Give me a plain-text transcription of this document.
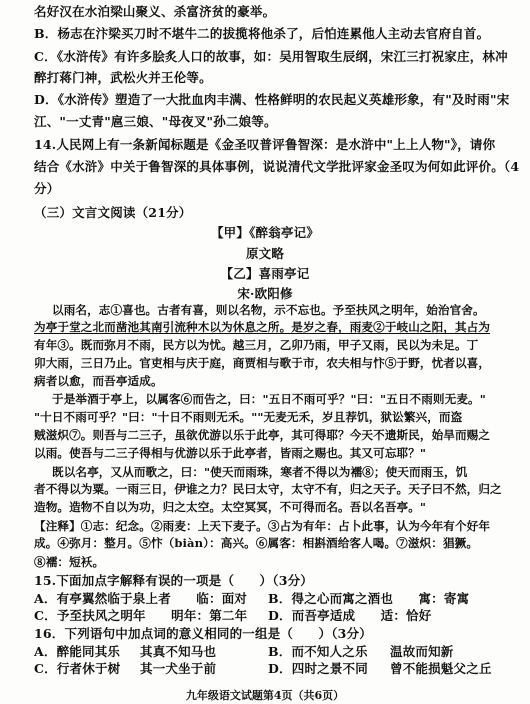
名好汉在水泊梁山聚义、杀富济贫的豪举。
B．杨志在汴梁买刀时不堪牛二的拔揽将他杀了，后怕连累他人主动去官府自首。
C．《水浒传》有许多脍炙人口的故事，如：吴用智取生辰纲，宋江三打祝家庄，林冲
醉打蒋门神，武松火并王伦等。
D．《水浒传》塑造了一大批血肉丰满、性格鲜明的农民起义英雄形象，有"及时雨"宋
江、"一丈青"扈三娘、"母夜叉"孙二娘等。
14.人民网上有一条新闻标题是《金圣叹普评鲁智深：是水浒中"上上人物"》，请你
结合《水浒》中关于鲁智深的具体事例，说说清代文学批评家金圣叹为何如此评价。（4
分）
（三）文言文阅读（21分）
【甲】《醉翁亭记》
原文略
【乙】喜雨亭记
宋·欧阳修
以雨名，志①喜也。古者有喜，则以名物，示不忘也。予至扶风之明年，始治官舍。
为亭于堂之北而凿池其南引流种木以为休息之所。是岁之春，雨麦②于岐山之阳，其占为
有年③。既而弥月不雨，民方以为忧。越三月，乙卯乃雨，甲子又雨，民以为未足。丁
卯大雨，三日乃止。官吏相与庆于庭，商贾相与歌于市，农夫相与忭⑤于野，忧者以喜，
病者以愈，而吾亭适成。
于是举酒于亭上，以属客⑥而告之，曰："五日不雨可乎？"曰："五日不雨则无麦。"
"十日不雨可乎？"曰："十日不雨则无禾。""无麦无禾，岁且荐饥，狱讼繁兴，而盗
贼滋炽⑦。则吾与二三子，虽欲优游以乐于此亭，其可得耶？今天不遗斯民，始旱而赐之
以雨。使吾与二三子得相与优游以乐于此亭者，皆雨之赐也。其又可忘耶？"
既以名亭，又从而歌之，曰："使天而雨珠，寒者不得以为襦⑧；使天而雨玉，饥
者不得以为粟。一雨三日，伊谁之力？民曰太守，太守不有，归之天子。天子曰不然，归之
造物。造物不自以为功，归之太空。太空冥冥，不可得而名。吾以名吾亭。"
【注释】①志：纪念。②雨麦：上天下麦子。③占为有年：占卜此事，认为今年有个好年
成。④弥月：整月。⑤忭（biàn）：高兴。⑥属客：相斟酒给客人喝。⑦滋炽：猖獗。
⑧襦：短袄。
15.下面加点字解释有误的一项是（　　）（3分）
A．有亭翼然临于泉上者　　临：面对 B．得之心而寓之酒也　　寓：寄寓
C．予至扶风之明年　　明年：第二年 D．而吾亭适成　　适：恰好
16．下列语句中加点词的意义相同的一组是（　　）（3分）
A．醉能同其乐 其真不知马也	B．而不知人之乐 温故而知新
C．行者休于树 其一犬坐于前	D．四时之景不同 曾不能损魁父之丘
九年级语文试题第4页（共6页）
